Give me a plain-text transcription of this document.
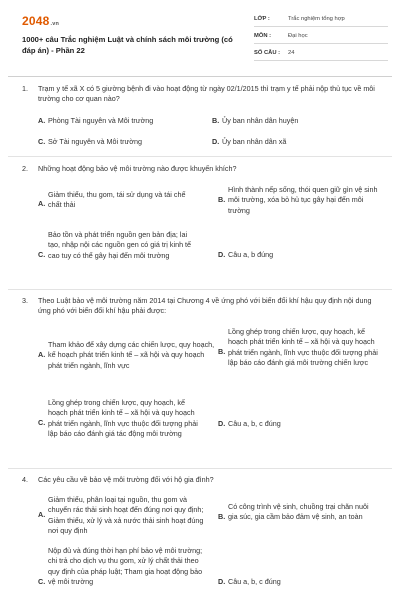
2048.vn
1000+ câu Trắc nghiệm Luật và chính sách môi trường (có đáp án) - Phần 22
LỚP :	Trắc nghiệm tổng hợp
MÔN :	Đại học
SỐ CÂU : 24
1.	Trạm y tế xã X có 5 giường bệnh đi vào hoạt động từ ngày 02/1/2015 thì trạm y tế phải nộp thủ tục về môi trường cho cơ quan nào?
A. Phòng Tài nguyên và Môi trường	B. Ủy ban nhân dân huyện
C. Sở Tài nguyên và Môi trường	D. Ủy ban nhân dân xã
2.	Những hoạt động bảo vệ môi trường nào được khuyến khích?
A.
Giảm thiểu, thu gom, tái sử dụng và tái chế chất thải
B.
Hình thành nếp sống, thói quen giữ gìn vệ sinh môi trường, xóa bỏ hủ tục gây hại đến môi trường
C.
Bảo tồn và phát triển nguồn gen bản địa; lai tạo, nhập nội các nguồn gen có giá trị kinh tế cao tuy có thể gây hại đến môi trường	D. Câu a, b đúng
3.	Theo Luật bảo vệ môi trường năm 2014 tại Chương 4 về ứng phó với biến đổi khí hậu quy định nội dung ứng phó với biến đổi khí hậu phải được:
A.
Tham khảo để xây dựng các chiến lược, quy hoạch, kế hoạch phát triển kinh tế – xã hội và quy hoạch phát triển ngành, lĩnh vực
B.
Lồng ghép trong chiến lược, quy hoạch, kế hoạch phát triển kinh tế – xã hội và quy hoạch phát triển ngành, lĩnh vực thuộc đối tượng phải lập báo cáo đánh giá môi trường chiến lược
C.
Lồng ghép trong chiến lược, quy hoạch, kế hoạch phát triển kinh tế – xã hội và quy hoạch phát triển ngành, lĩnh vực thuộc đối tượng phải lập báo cáo đánh giá tác động môi trường
D. Câu a, b, c đúng
4.	Các yêu cầu về bảo vệ môi trường đối với hộ gia đình?
A.
Giảm thiểu, phân loại tại nguồn, thu gom và chuyển rác thải sinh hoạt đến đúng nơi quy định; Giảm thiểu, xử lý và xả nước thải sinh hoạt đúng nơi quy định
B.
Có công trình vệ sinh, chuồng trại chăn nuôi gia súc, gia cầm bảo đảm vệ sinh, an toàn
C.
Nộp đủ và đúng thời hạn phí bảo vệ môi trường; chi trả cho dịch vụ thu gom, xử lý chất thải theo quy định của pháp luật; Tham gia hoạt động bảo vệ môi trường	D. Câu a, b, c đúng
